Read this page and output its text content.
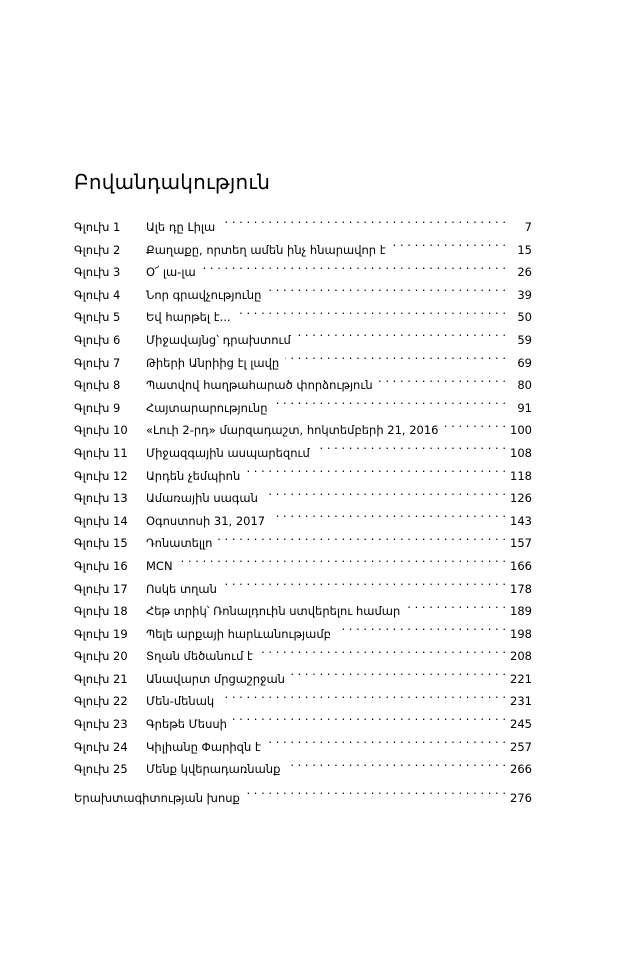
Բովանդակություն
Գլուխ 1	Ալե դը Լիլա . . .	7
Գլուխ 2	Քաղաքը, որտեղ ամեն ինչ հնարավոր է . . .	15
Գլուխ 3	Օ՜ լա-լա . . .	26
Գլուխ 4	Նոր գրավչությունը . . .	39
Գլուխ 5	Եվ հարթել է... . . .	50
Գլուխ 6	Միջավայնց՝ դրախտում . . .	59
Գլուխ 7	Թիերի Անրիից էլ լավը . . .	69
Գլուխ 8	Պատվով հաղթահարած փորձություն . . .	80
Գլուխ 9	Հայտարարությունը . . .	91
Գլուխ 10	«Լուի 2-րդ» մարզադաշտ, հոկտեմբերի 21, 2016 . . .	100
Գլուխ 11	Միջազգային ասպարեզում . . .	108
Գլուխ 12	Արդեն չեմպիոն . . .	118
Գլուխ 13	Ամառային սագան . . .	126
Գլուխ 14	Օգոստոսի 31, 2017 . . .	143
Գլուխ 15	Դոնատելլո . . .	157
Գլուխ 16	MCN . . .	166
Գլուխ 17	Ոսկե տղան . . .	178
Գլուխ 18	Հեթ տրիկ՝ Ռոնալդուին ստվերելու համար . . .	189
Գլուխ 19	Պելե արքայի հարևանությամբ . . .	198
Գլուխ 20	Տղան մեծանում է . . .	208
Գլուխ 21	Անավարտ մրցաշրջան . . .	221
Գլուխ 22	Մեն-մենակ . . .	231
Գլուխ 23	Գրեթե Մեսսի . . .	245
Գլուխ 24	Կիլիանը Փարիզն է . . .	257
Գլուխ 25	Մենք կվերադառնանք . . .	266
Երախտագիտության խոսք . . .	276
